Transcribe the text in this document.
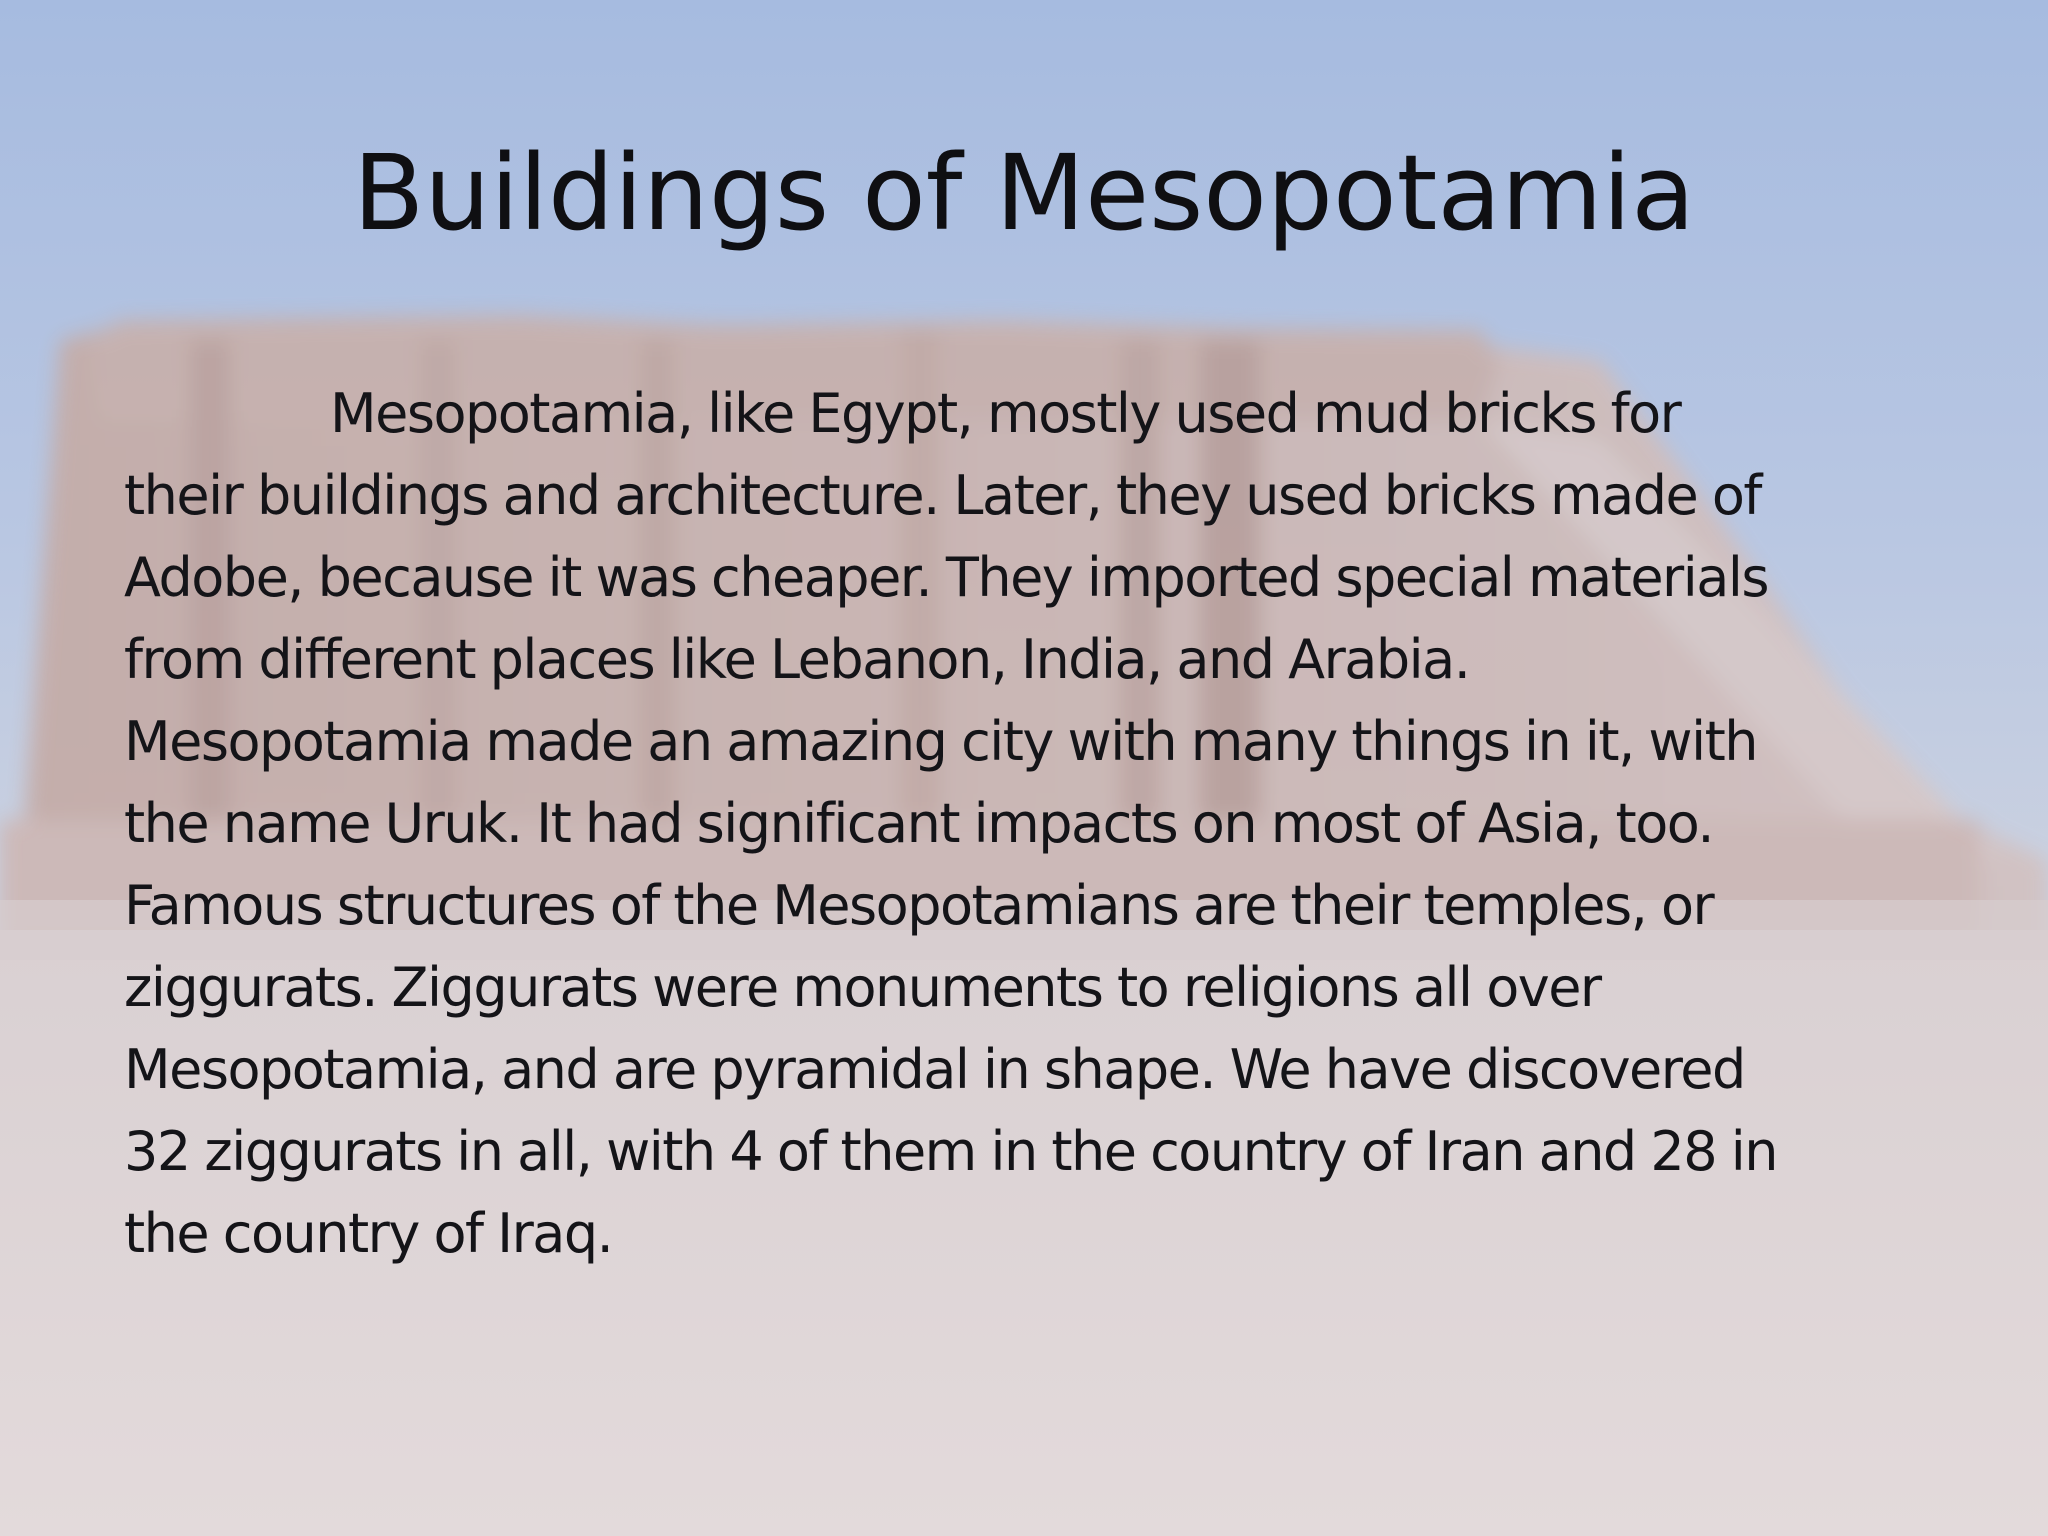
Buildings of Mesopotamia
Mesopotamia, like Egypt, mostly used mud bricks for
their buildings and architecture. Later, they used bricks made of
Adobe, because it was cheaper. They imported special materials
from different places like Lebanon, India, and Arabia.
Mesopotamia made an amazing city with many things in it, with
the name Uruk. It had significant impacts on most of Asia, too.
Famous structures of the Mesopotamians are their temples, or
ziggurats. Ziggurats were monuments to religions all over
Mesopotamia, and are pyramidal in shape. We have discovered
32 ziggurats in all, with 4 of them in the country of Iran and 28 in
the country of Iraq.
